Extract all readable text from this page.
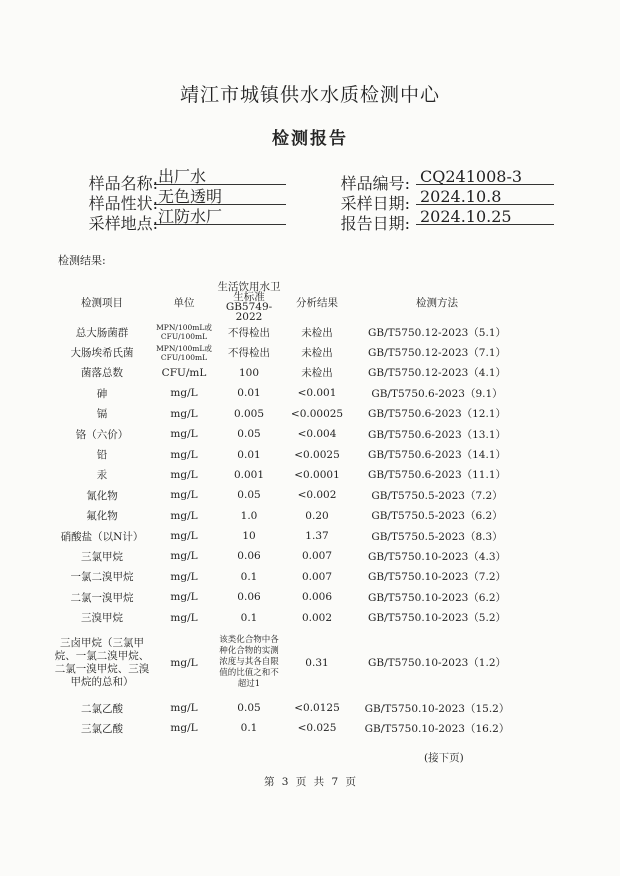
靖江市城镇供水水质检测中心
检测报告
样品名称: 出厂水	样品编号: CQ241008-3
样品性状: 无色透明	采样日期: 2024.10.8
采样地点: 江防水厂	报告日期: 2024.10.25
检测结果:
检测项目	单位	生活饮用水卫生标准GB5749-2022	分析结果	检测方法
总大肠菌群	MPN/100mL或CFU/100mL	不得检出	未检出	GB/T5750.12-2023（5.1）
大肠埃希氏菌	MPN/100mL或CFU/100mL	不得检出	未检出	GB/T5750.12-2023（7.1）
菌落总数	CFU/mL	100	未检出	GB/T5750.12-2023（4.1）
砷	mg/L	0.01	<0.001	GB/T5750.6-2023（9.1）
镉	mg/L	0.005	<0.00025	GB/T5750.6-2023（12.1）
铬（六价）	mg/L	0.05	<0.004	GB/T5750.6-2023（13.1）
铅	mg/L	0.01	<0.0025	GB/T5750.6-2023（14.1）
汞	mg/L	0.001	<0.0001	GB/T5750.6-2023（11.1）
氰化物	mg/L	0.05	<0.002	GB/T5750.5-2023（7.2）
氟化物	mg/L	1.0	0.20	GB/T5750.5-2023（6.2）
硝酸盐（以N计）	mg/L	10	1.37	GB/T5750.5-2023（8.3）
三氯甲烷	mg/L	0.06	0.007	GB/T5750.10-2023（4.3）
一氯二溴甲烷	mg/L	0.1	0.007	GB/T5750.10-2023（7.2）
二氯一溴甲烷	mg/L	0.06	0.006	GB/T5750.10-2023（6.2）
三溴甲烷	mg/L	0.1	0.002	GB/T5750.10-2023（5.2）
三卤甲烷（三氯甲烷、一氯二溴甲烷、二氯一溴甲烷、三溴甲烷的总和）	mg/L	该类化合物中各种化合物的实测浓度与其各自限值的比值之和不超过1	0.31	GB/T5750.10-2023（1.2）
二氯乙酸	mg/L	0.05	<0.0125	GB/T5750.10-2023（15.2）
三氯乙酸	mg/L	0.1	<0.025	GB/T5750.10-2023（16.2）
(接下页)
第 3 页 共 7 页
